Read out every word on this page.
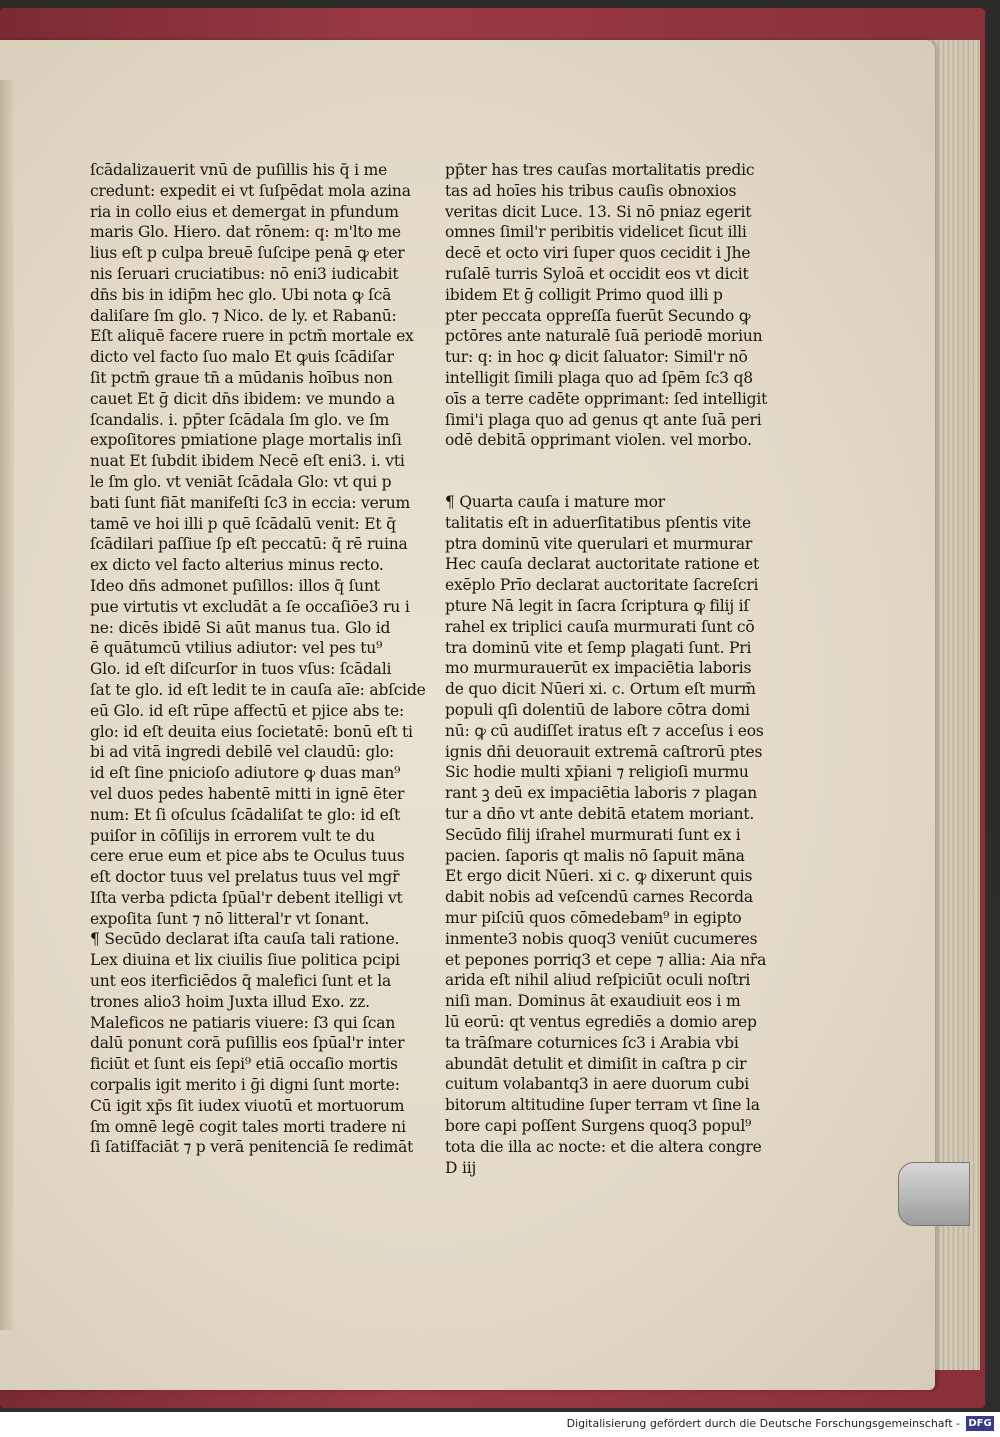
ſcādalizauerit vnū de puſillis his q̄ i me
credunt: expedit ei vt ſuſpēdat mola azina
ria in collo eius et demergat in pfundum
maris Glo. Hiero. dat rōnem: q: m'lto me
lius eſt p culpa breuē ſuſcipe penā ꝙ eter
nis ſeruari cruciatibus: nō eni3 iudicabit
dn̄s bis in idip̄m hec glo. Ubi nota ꝙ ſcā
daliſare ſm glo. ⁊ Nico. de ly. et Rabanū:
Eſt aliquē facere ruere in pctm̄ mortale ex
dicto vel facto ſuo malo Et ꝙuis ſcādiſar
ſit pctm̄ graue tn̄ a mūdanis hoībus non
cauet Et ḡ dicit dn̄s ibidem: ve mundo a
ſcandalis. i. pp̄ter ſcādala ſm glo. ve ſm
expoſitores pmiatione plage mortalis inſi
nuat Et ſubdit ibidem Necē eſt eni3. i. vti
le ſm glo. vt veniāt ſcādala Glo: vt qui p
bati ſunt fiāt manifeſti ſc3 in eccia: verum
tamē ve hoi illi p quē ſcādalū venit: Et q̄
ſcādilari paſſiue ſp eſt peccatū: q̄ rē ruina
ex dicto vel facto alterius minus recto.
Ideo dn̄s admonet puſillos: illos q̄ ſunt
pue virtutis vt excludāt a ſe occaſiōe3 ru i
ne: dicēs ibidē Si aūt manus tua. Glo id
ē quātumcū vtilius adiutor: vel pes tu⁹
Glo. id eſt diſcurſor in tuos vſus: ſcādali
ſat te glo. id eſt ledit te in cauſa aīe: abſcide
eū Glo. id eſt rūpe affectū et pjice abs te:
glo: id eſt deuita eius ſocietatē: bonū eſt ti
bi ad vitā ingredi debilē vel claudū: glo:
id eſt ſine pnicioſo adiutore ꝙ duas man⁹
vel duos pedes habentē mitti in ignē ēter
num: Et ſi oſculus ſcādaliſat te glo: id eſt
puiſor in cōſilijs in errorem vult te du
cere erue eum et pice abs te Oculus tuus
eſt doctor tuus vel prelatus tuus vel mgr̄
Iſta verba pdicta ſpūal'r debent itelligi vt
expoſita ſunt ⁊ nō litteral'r vt ſonant.
¶ Secūdo declarat iſta cauſa tali ratione.
Lex diuina et lix ciuilis ſiue politica pcipi
unt eos iterficiēdos q̄ malefici ſunt et la
trones alio3 hoim Juxta illud Exo. zz.
Maleficos ne patiaris viuere: ſ3 qui ſcan
dalū ponunt corā puſillis eos ſpūal'r inter
ficiūt et ſunt eis ſepi⁹ etiā occaſio mortis
corpalis igit merito i ḡi digni ſunt morte:
Cū igit xp̄s ſit iudex viuotū et mortuorum
ſm omnē legē cogit tales morti tradere ni
ſi ſatiſfaciāt ⁊ p verā penitenciā ſe redimāt
pp̄ter has tres cauſas mortalitatis predic
tas ad hoīes his tribus cauſis obnoxios
veritas dicit Luce. 13. Si nō pniaz egerit
omnes ſimil'r peribitis videlicet ſicut illi
decē et octo viri ſuper quos cecidit i Jhe
ruſalē turris Syloā et occidit eos vt dicit
ibidem Et ḡ colligit Primo quod illi p
pter peccata oppreſſa fuerūt Secundo ꝙ
pctōres ante naturalē ſuā periodē moriun
tur: q: in hoc ꝙ dicit ſaluator: Simil'r nō
intelligit ſimili plaga quo ad ſpēm ſc3 q8
oīs a terre cadēte opprimant: ſed intelligit
ſimi'i plaga quo ad genus qt ante ſuā peri
odē debitā opprimant violen. vel morbo.
¶ Quarta cauſa i mature mor
talitatis eſt in aduerſitatibus pſentis vite
ptra dominū vite querulari et murmurar
Hec cauſa declarat auctoritate ratione et
exēplo Prīo declarat auctoritate ſacreſcri
pture Nā legit in ſacra ſcriptura ꝙ filij iſ
rahel ex triplici cauſa murmurati ſunt cō
tra dominū vite et ſemp plagati ſunt. Pri
mo murmurauerūt ex impaciētia laboris
de quo dicit Nūeri xi. c. Ortum eſt murm̄
populi qſi dolentiū de labore cōtra domi
nū: ꝙ cū audiſſet iratus eſt ⁊ acceſus i eos
ignis dn̄i deuorauit extremā caſtrorū ptes
Sic hodie multi xp̄iani ⁊ religioſi murmu
rant ꝫ deū ex impaciētia laboris ⁊ plagan
tur a dn̄o vt ante debitā etatem moriant.
Secūdo filij iſrahel murmurati ſunt ex i
pacien. ſaporis qt malis nō ſapuit māna
Et ergo dicit Nūeri. xi c. ꝙ dixerunt quis
dabit nobis ad veſcendū carnes Recorda
mur piſciū quos cōmedebam⁹ in egipto
inmente3 nobis quoq3 veniūt cucumeres
et pepones porriq3 et cepe ⁊ allia: Aia nr̄a
arida eſt nihil aliud reſpiciūt oculi noſtri
niſi man. Dominus āt exaudiuit eos i m
lū eorū: qt ventus egrediēs a domio arep
ta trāſmare coturnices ſc3 i Arabia vbi
abundāt detulit et dimiſit in caſtra p cir
cuitum volabantq3 in aere duorum cubi
bitorum altitudine ſuper terram vt ſine la
bore capi poſſent Surgens quoq3 popul⁹
tota die illa ac nocte: et die altera congre
D iij
Digitalisierung gefördert durch die Deutsche Forschungsgemeinschaft - DFG
